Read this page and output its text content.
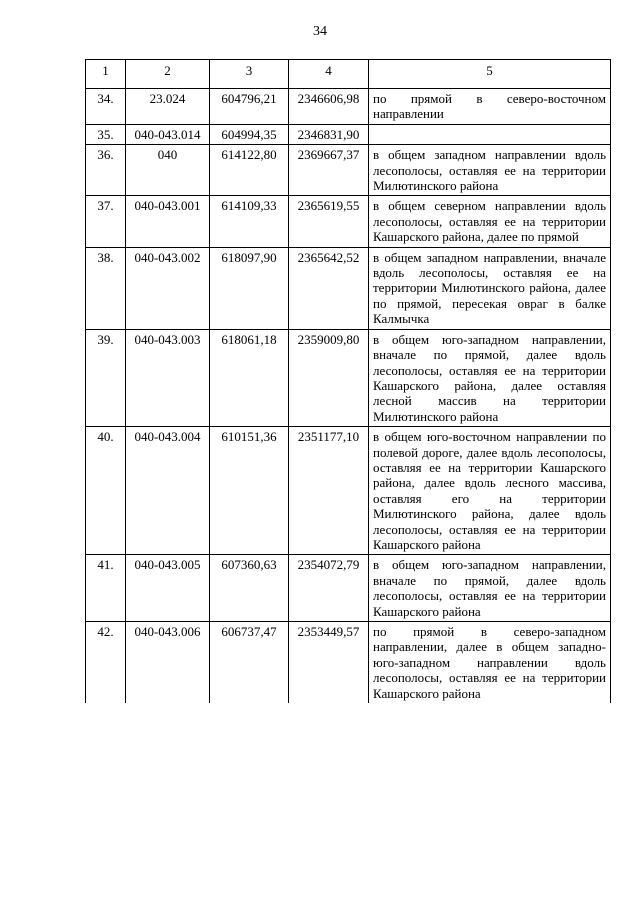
34
1	2	3	4	5
34.	23.024	604796,21	2346606,98	по прямой в северо-восточном направлении
35.	040-043.014	604994,35	2346831,90	
36.	040	614122,80	2369667,37	в общем западном направлении вдоль лесополосы, оставляя ее на территории Милютинского района
37.	040-043.001	614109,33	2365619,55	в общем северном направлении вдоль лесополосы, оставляя ее на территории Кашарского района, далее по прямой
38.	040-043.002	618097,90	2365642,52	в общем западном направлении, вначале вдоль лесополосы, оставляя ее на территории Милютинского района, далее по прямой, пересекая овраг в балке Калмычка
39.	040-043.003	618061,18	2359009,80	в общем юго-западном направлении, вначале по прямой, далее вдоль лесополосы, оставляя ее на территории Кашарского района, далее оставляя лесной массив на территории Милютинского района
40.	040-043.004	610151,36	2351177,10	в общем юго-восточном направлении по полевой дороге, далее вдоль лесополосы, оставляя ее на территории Кашарского района, далее вдоль лесного массива, оставляя его на территории Милютинского района, далее вдоль лесополосы, оставляя ее на территории Кашарского района
41.	040-043.005	607360,63	2354072,79	в общем юго-западном направлении, вначале по прямой, далее вдоль лесополосы, оставляя ее на территории Кашарского района
42.	040-043.006	606737,47	2353449,57	по прямой в северо-западном направлении, далее в общем западно-юго-западном направлении вдоль лесополосы, оставляя ее на территории Кашарского района
